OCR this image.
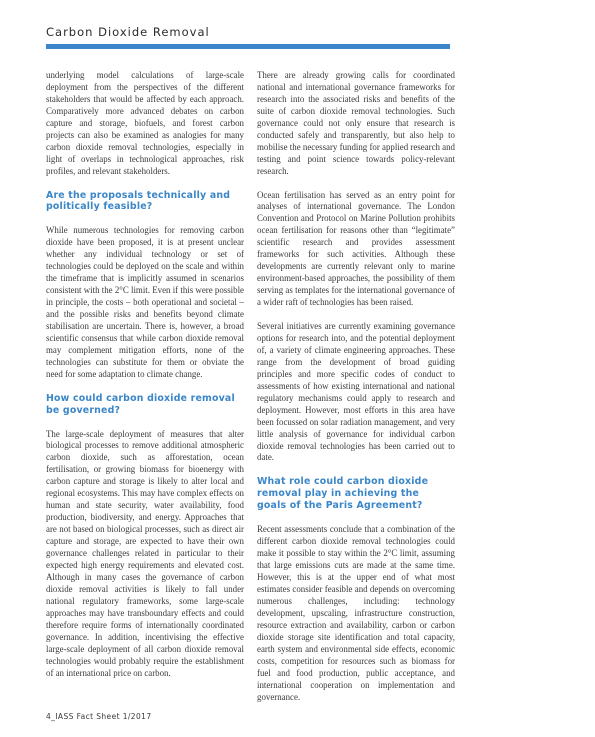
Carbon Dioxide Removal

underlying model calculations of large-scale deployment from the perspectives of the different stakeholders that would be affected by each approach. Comparatively more advanced debates on carbon capture and storage, biofuels, and forest carbon projects can also be examined as analogies for many carbon dioxide removal technologies, especially in light of overlaps in technological approaches, risk profiles, and relevant stakeholders.

Are the proposals technically and
politically feasible?

While numerous technologies for removing carbon dioxide have been proposed, it is at present unclear whether any individual technology or set of technologies could be deployed on the scale and within the timeframe that is implicitly assumed in scenarios consistent with the 2°C limit. Even if this were possible in principle, the costs – both operational and societal – and the possible risks and benefits beyond climate stabilisation are uncertain. There is, however, a broad scientific consensus that while carbon dioxide removal may complement mitigation efforts, none of the technologies can substitute for them or obviate the need for some adaptation to climate change.

How could carbon dioxide removal
be governed?

The large-scale deployment of measures that alter biological processes to remove additional atmospheric carbon dioxide, such as afforestation, ocean fertilisation, or growing biomass for bioenergy with carbon capture and storage is likely to alter local and regional ecosystems. This may have complex effects on human and state security, water availability, food production, biodiversity, and energy. Approaches that are not based on biological processes, such as direct air capture and storage, are expected to have their own governance challenges related in particular to their expected high energy requirements and elevated cost. Although in many cases the governance of carbon dioxide removal activities is likely to fall under national regulatory frameworks, some large-scale approaches may have transboundary effects and could therefore require forms of internationally coordinated governance. In addition, incentivising the effective large-scale deployment of all carbon dioxide removal technologies would probably require the establishment of an international price on carbon.

There are already growing calls for coordinated national and international governance frameworks for research into the associated risks and benefits of the suite of carbon dioxide removal technologies. Such governance could not only ensure that research is conducted safely and transparently, but also help to mobilise the necessary funding for applied research and testing and point science towards policy-relevant research.

Ocean fertilisation has served as an entry point for analyses of international governance. The London Convention and Protocol on Marine Pollution prohibits ocean fertilisation for reasons other than “legitimate” scientific research and provides assessment frameworks for such activities. Although these developments are currently relevant only to marine environment-based approaches, the possibility of them serving as templates for the international governance of a wider raft of technologies has been raised.

Several initiatives are currently examining governance options for research into, and the potential deployment of, a variety of climate engineering approaches. These range from the development of broad guiding principles and more specific codes of conduct to assessments of how existing international and national regulatory mechanisms could apply to research and deployment. However, most efforts in this area have been focussed on solar radiation management, and very little analysis of governance for individual carbon dioxide removal technologies has been carried out to date.

What role could carbon dioxide
removal play in achieving the
goals of the Paris Agreement?

Recent assessments conclude that a combination of the different carbon dioxide removal technologies could make it possible to stay within the 2°C limit, assuming that large emissions cuts are made at the same time. However, this is at the upper end of what most estimates consider feasible and depends on overcoming numerous challenges, including: technology development, upscaling, infrastructure construction, resource extraction and availability, carbon or carbon dioxide storage site identification and total capacity, earth system and environmental side effects, economic costs, competition for resources such as biomass for fuel and food production, public acceptance, and international cooperation on implementation and governance.

4_IASS Fact Sheet 1/2017
